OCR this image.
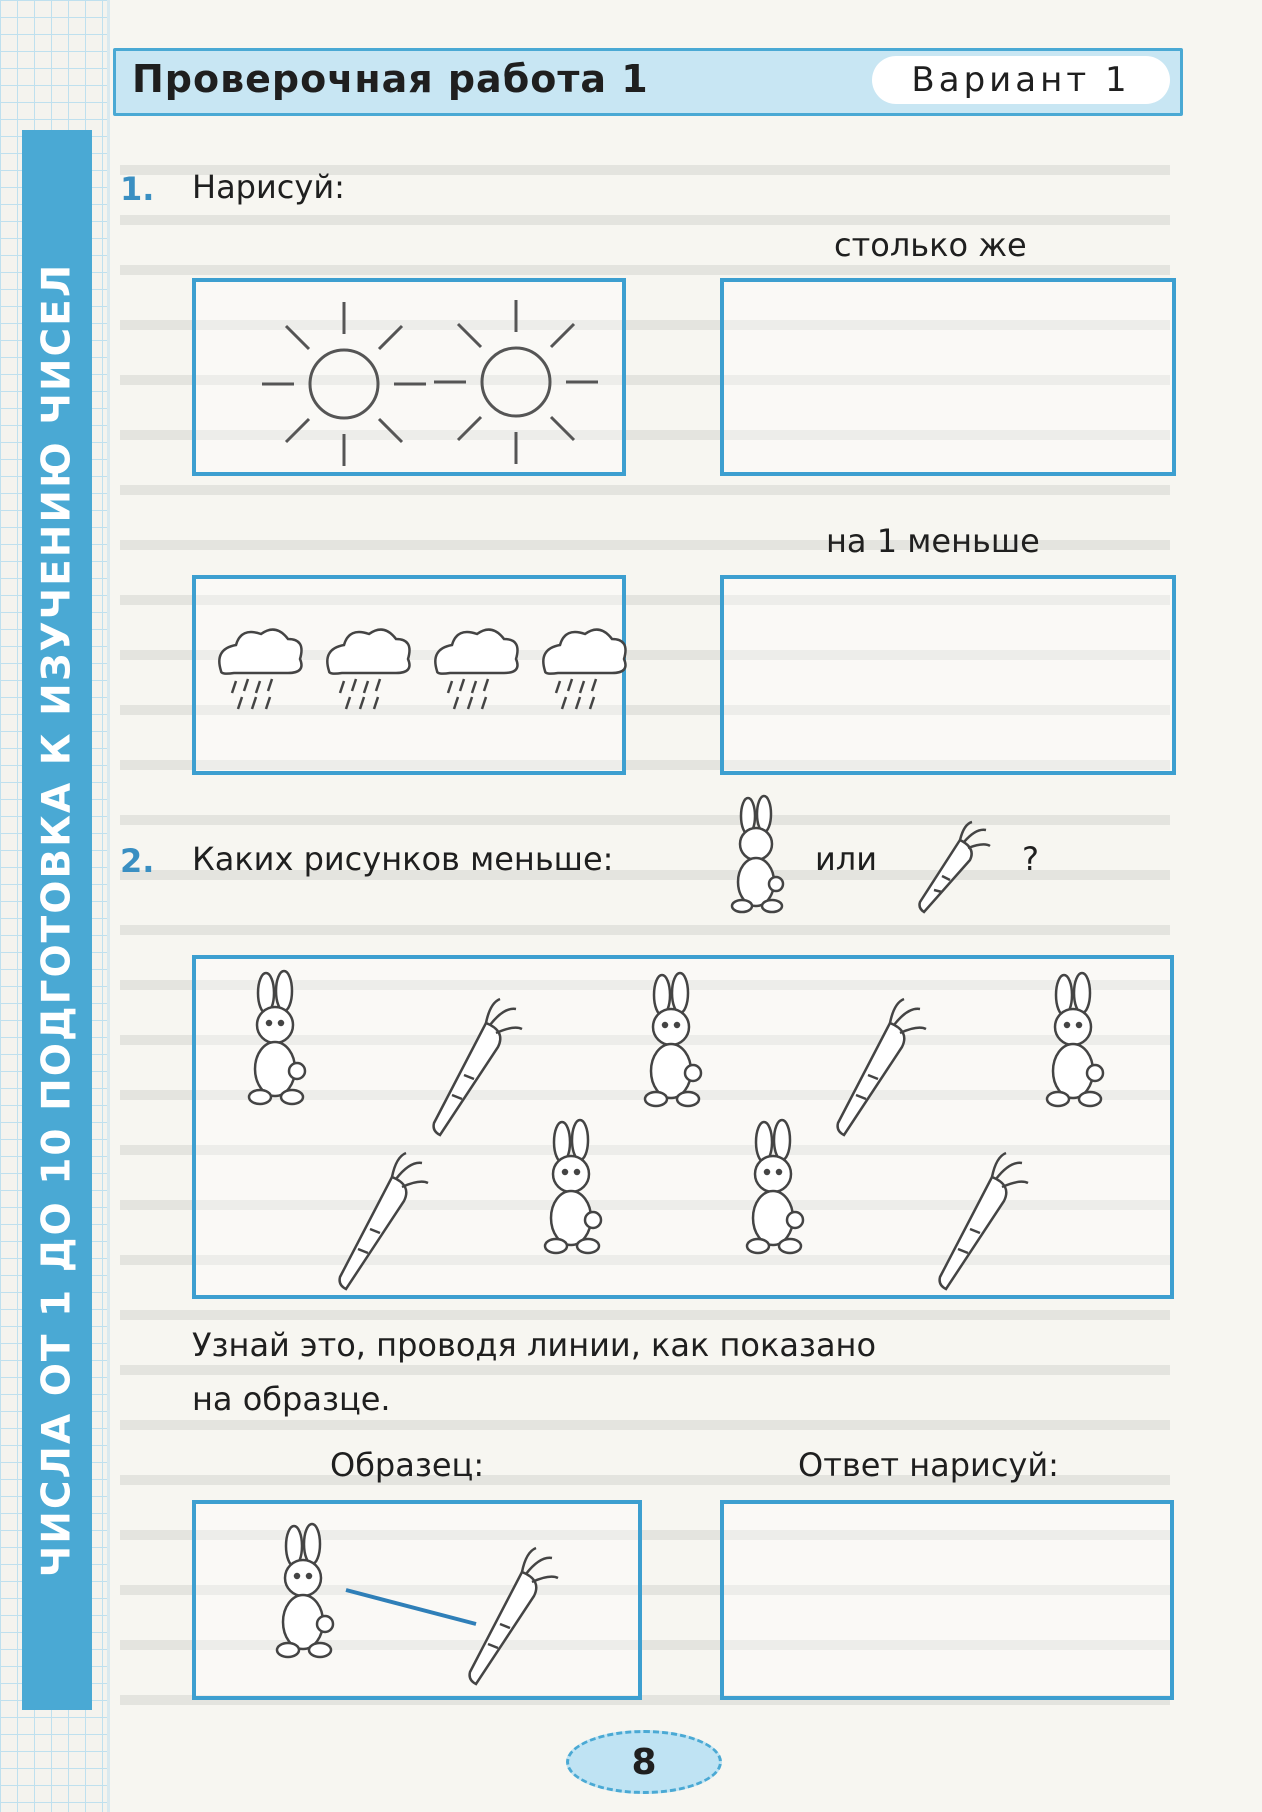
ЧИСЛА ОТ 1 ДО 10 ПОДГОТОВКА К ИЗУЧЕНИЮ ЧИСЕЛ
Проверочная работа 1	Вариант 1
1. Нарисуй:
столько же
на 1 меньше
2. Каких рисунков меньше:	или	?
Узнай это, проводя линии, как показано
на образце.
Образец:	Ответ нарисуй:
8
